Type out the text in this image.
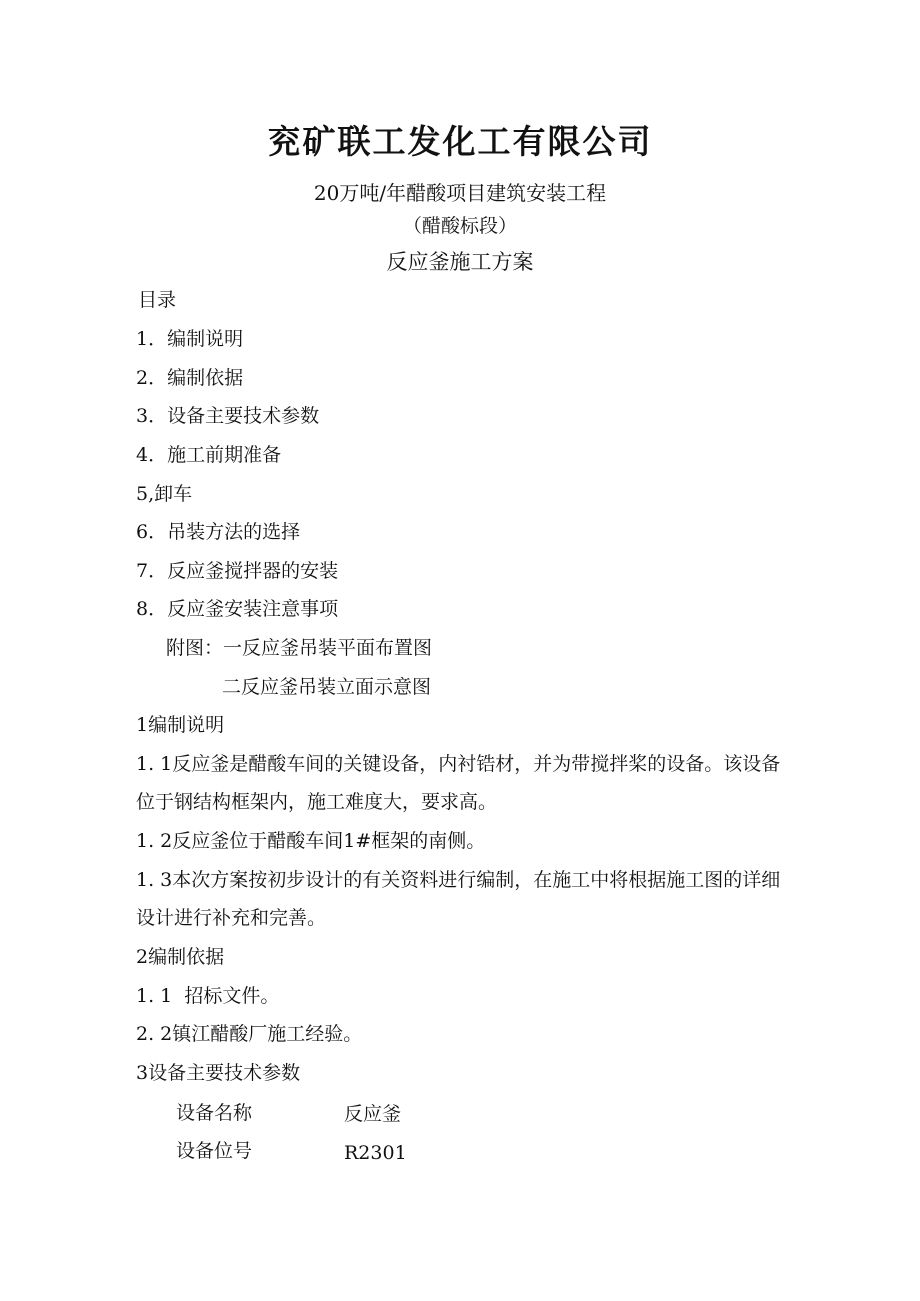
兖矿联工发化工有限公司
20万吨/年醋酸项目建筑安装工程
（醋酸标段）
反应釜施工方案
目录
1．编制说明
2．编制依据
3．设备主要技术参数
4．施工前期准备
5,卸车
6．吊装方法的选择
7．反应釜搅拌器的安装
8．反应釜安装注意事项
附图：一反应釜吊装平面布置图
二反应釜吊装立面示意图
1编制说明
1. 1反应釜是醋酸车间的关键设备，内衬锆材，并为带搅拌桨的设备。该设备位于钢结构框架内，施工难度大，要求高。
1. 2反应釜位于醋酸车间1#框架的南侧。
1. 3本次方案按初步设计的有关资料进行编制，在施工中将根据施工图的详细设计进行补充和完善。
2编制依据
1. 1  招标文件。
2. 2镇江醋酸厂施工经验。
3设备主要技术参数
设备名称	反应釜
设备位号	R2301
